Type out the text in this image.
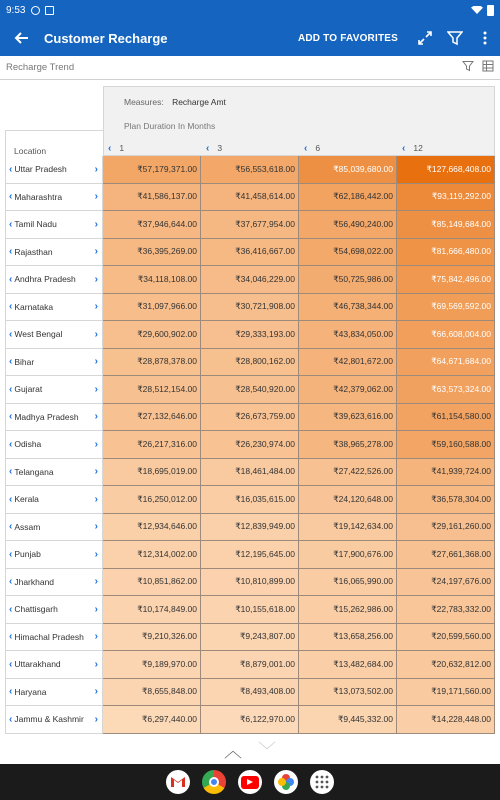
9:53
Customer Recharge	ADD TO FAVORITES
Recharge Trend
Measures: Recharge Amt
Plan Duration In Months
‹ 1	‹ 3	‹ 6	‹ 12
Location
‹ Uttar Pradesh	›	₹57,179,371.00	₹56,553,618.00	₹85,039,680.00	₹127,668,408.00
‹ Maharashtra	›	₹41,586,137.00	₹41,458,614.00	₹62,186,442.00	₹93,119,292.00
‹ Tamil Nadu	›	₹37,946,644.00	₹37,677,954.00	₹56,490,240.00	₹85,149,684.00
‹ Rajasthan	›	₹36,395,269.00	₹36,416,667.00	₹54,698,022.00	₹81,666,480.00
‹ Andhra Pradesh ›	₹34,118,108.00	₹34,046,229.00	₹50,725,986.00	₹75,842,496.00
‹ Karnataka	›	₹31,097,966.00	₹30,721,908.00	₹46,738,344.00	₹69,569,592.00
‹ West Bengal	›	₹29,600,902.00	₹29,333,193.00	₹43,834,050.00	₹66,608,004.00
‹ Bihar	›	₹28,878,378.00	₹28,800,162.00	₹42,801,672.00	₹64,671,684.00
‹ Gujarat	›	₹28,512,154.00	₹28,540,920.00	₹42,379,062.00	₹63,573,324.00
‹ Madhya Pradesh ›	₹27,132,646.00	₹26,673,759.00	₹39,623,616.00	₹61,154,580.00
‹ Odisha	›	₹26,217,316.00	₹26,230,974.00	₹38,965,278.00	₹59,160,588.00
‹ Telangana	›	₹18,695,019.00	₹18,461,484.00	₹27,422,526.00	₹41,939,724.00
‹ Kerala	›	₹16,250,012.00	₹16,035,615.00	₹24,120,648.00	₹36,578,304.00
‹ Assam	›	₹12,934,646.00	₹12,839,949.00	₹19,142,634.00	₹29,161,260.00
‹ Punjab	›	₹12,314,002.00	₹12,195,645.00	₹17,900,676.00	₹27,661,368.00
‹ Jharkhand	›	₹10,851,862.00	₹10,810,899.00	₹16,065,990.00	₹24,197,676.00
‹ Chattisgarh	›	₹10,174,849.00	₹10,155,618.00	₹15,262,986.00	₹22,783,332.00
‹ Himachal Pradesh ›	₹9,210,326.00	₹9,243,807.00	₹13,658,256.00	₹20,599,560.00
‹ Uttarakhand	›	₹9,189,970.00	₹8,879,001.00	₹13,482,684.00	₹20,632,812.00
‹ Haryana	›	₹8,655,848.00	₹8,493,408.00	₹13,073,502.00	₹19,171,560.00
‹ Jammu & Kashmir ›	₹6,297,440.00	₹6,122,970.00	₹9,445,332.00	₹14,228,448.00
︿ ﹀
